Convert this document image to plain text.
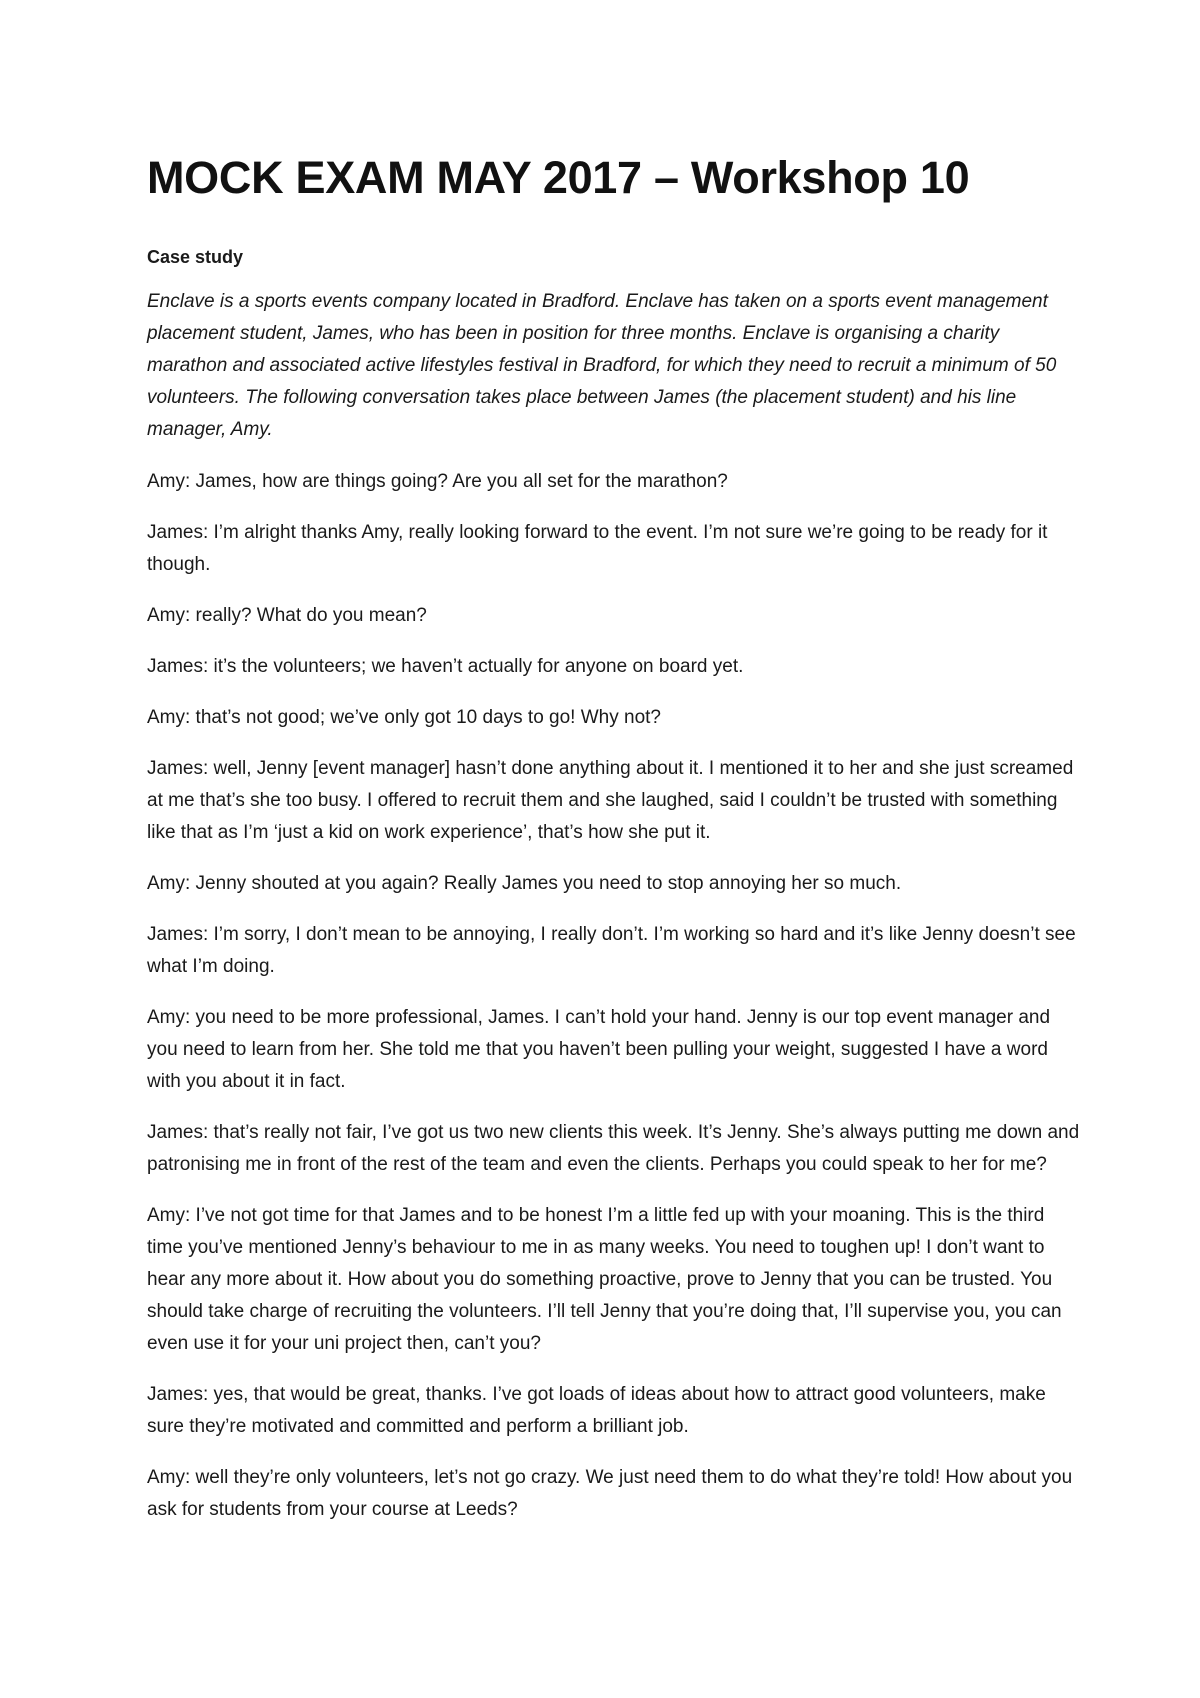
MOCK EXAM MAY 2017 – Workshop 10
Case study

Enclave is a sports events company located in Bradford. Enclave has taken on a sports event management placement student, James, who has been in position for three months. Enclave is organising a charity marathon and associated active lifestyles festival in Bradford, for which they need to recruit a minimum of 50 volunteers. The following conversation takes place between James (the placement student) and his line manager, Amy.

Amy: James, how are things going? Are you all set for the marathon?

James: I’m alright thanks Amy, really looking forward to the event. I’m not sure we’re going to be ready for it though.

Amy: really? What do you mean?

James: it’s the volunteers; we haven’t actually for anyone on board yet.

Amy: that’s not good; we’ve only got 10 days to go! Why not?

James: well, Jenny [event manager] hasn’t done anything about it. I mentioned it to her and she just screamed at me that’s she too busy. I offered to recruit them and she laughed, said I couldn’t be trusted with something like that as I’m ‘just a kid on work experience’, that’s how she put it.

Amy: Jenny shouted at you again? Really James you need to stop annoying her so much.

James: I’m sorry, I don’t mean to be annoying, I really don’t. I’m working so hard and it’s like Jenny doesn’t see what I’m doing.

Amy: you need to be more professional, James. I can’t hold your hand. Jenny is our top event manager and you need to learn from her. She told me that you haven’t been pulling your weight, suggested I have a word with you about it in fact.

James: that’s really not fair, I’ve got us two new clients this week. It’s Jenny. She’s always putting me down and patronising me in front of the rest of the team and even the clients. Perhaps you could speak to her for me?

Amy: I’ve not got time for that James and to be honest I’m a little fed up with your moaning. This is the third time you’ve mentioned Jenny’s behaviour to me in as many weeks. You need to toughen up! I don’t want to hear any more about it. How about you do something proactive, prove to Jenny that you can be trusted. You should take charge of recruiting the volunteers. I’ll tell Jenny that you’re doing that, I’ll supervise you, you can even use it for your uni project then, can’t you?

James: yes, that would be great, thanks. I’ve got loads of ideas about how to attract good volunteers, make sure they’re motivated and committed and perform a brilliant job.

Amy: well they’re only volunteers, let’s not go crazy. We just need them to do what they’re told! How about you ask for students from your course at Leeds?
